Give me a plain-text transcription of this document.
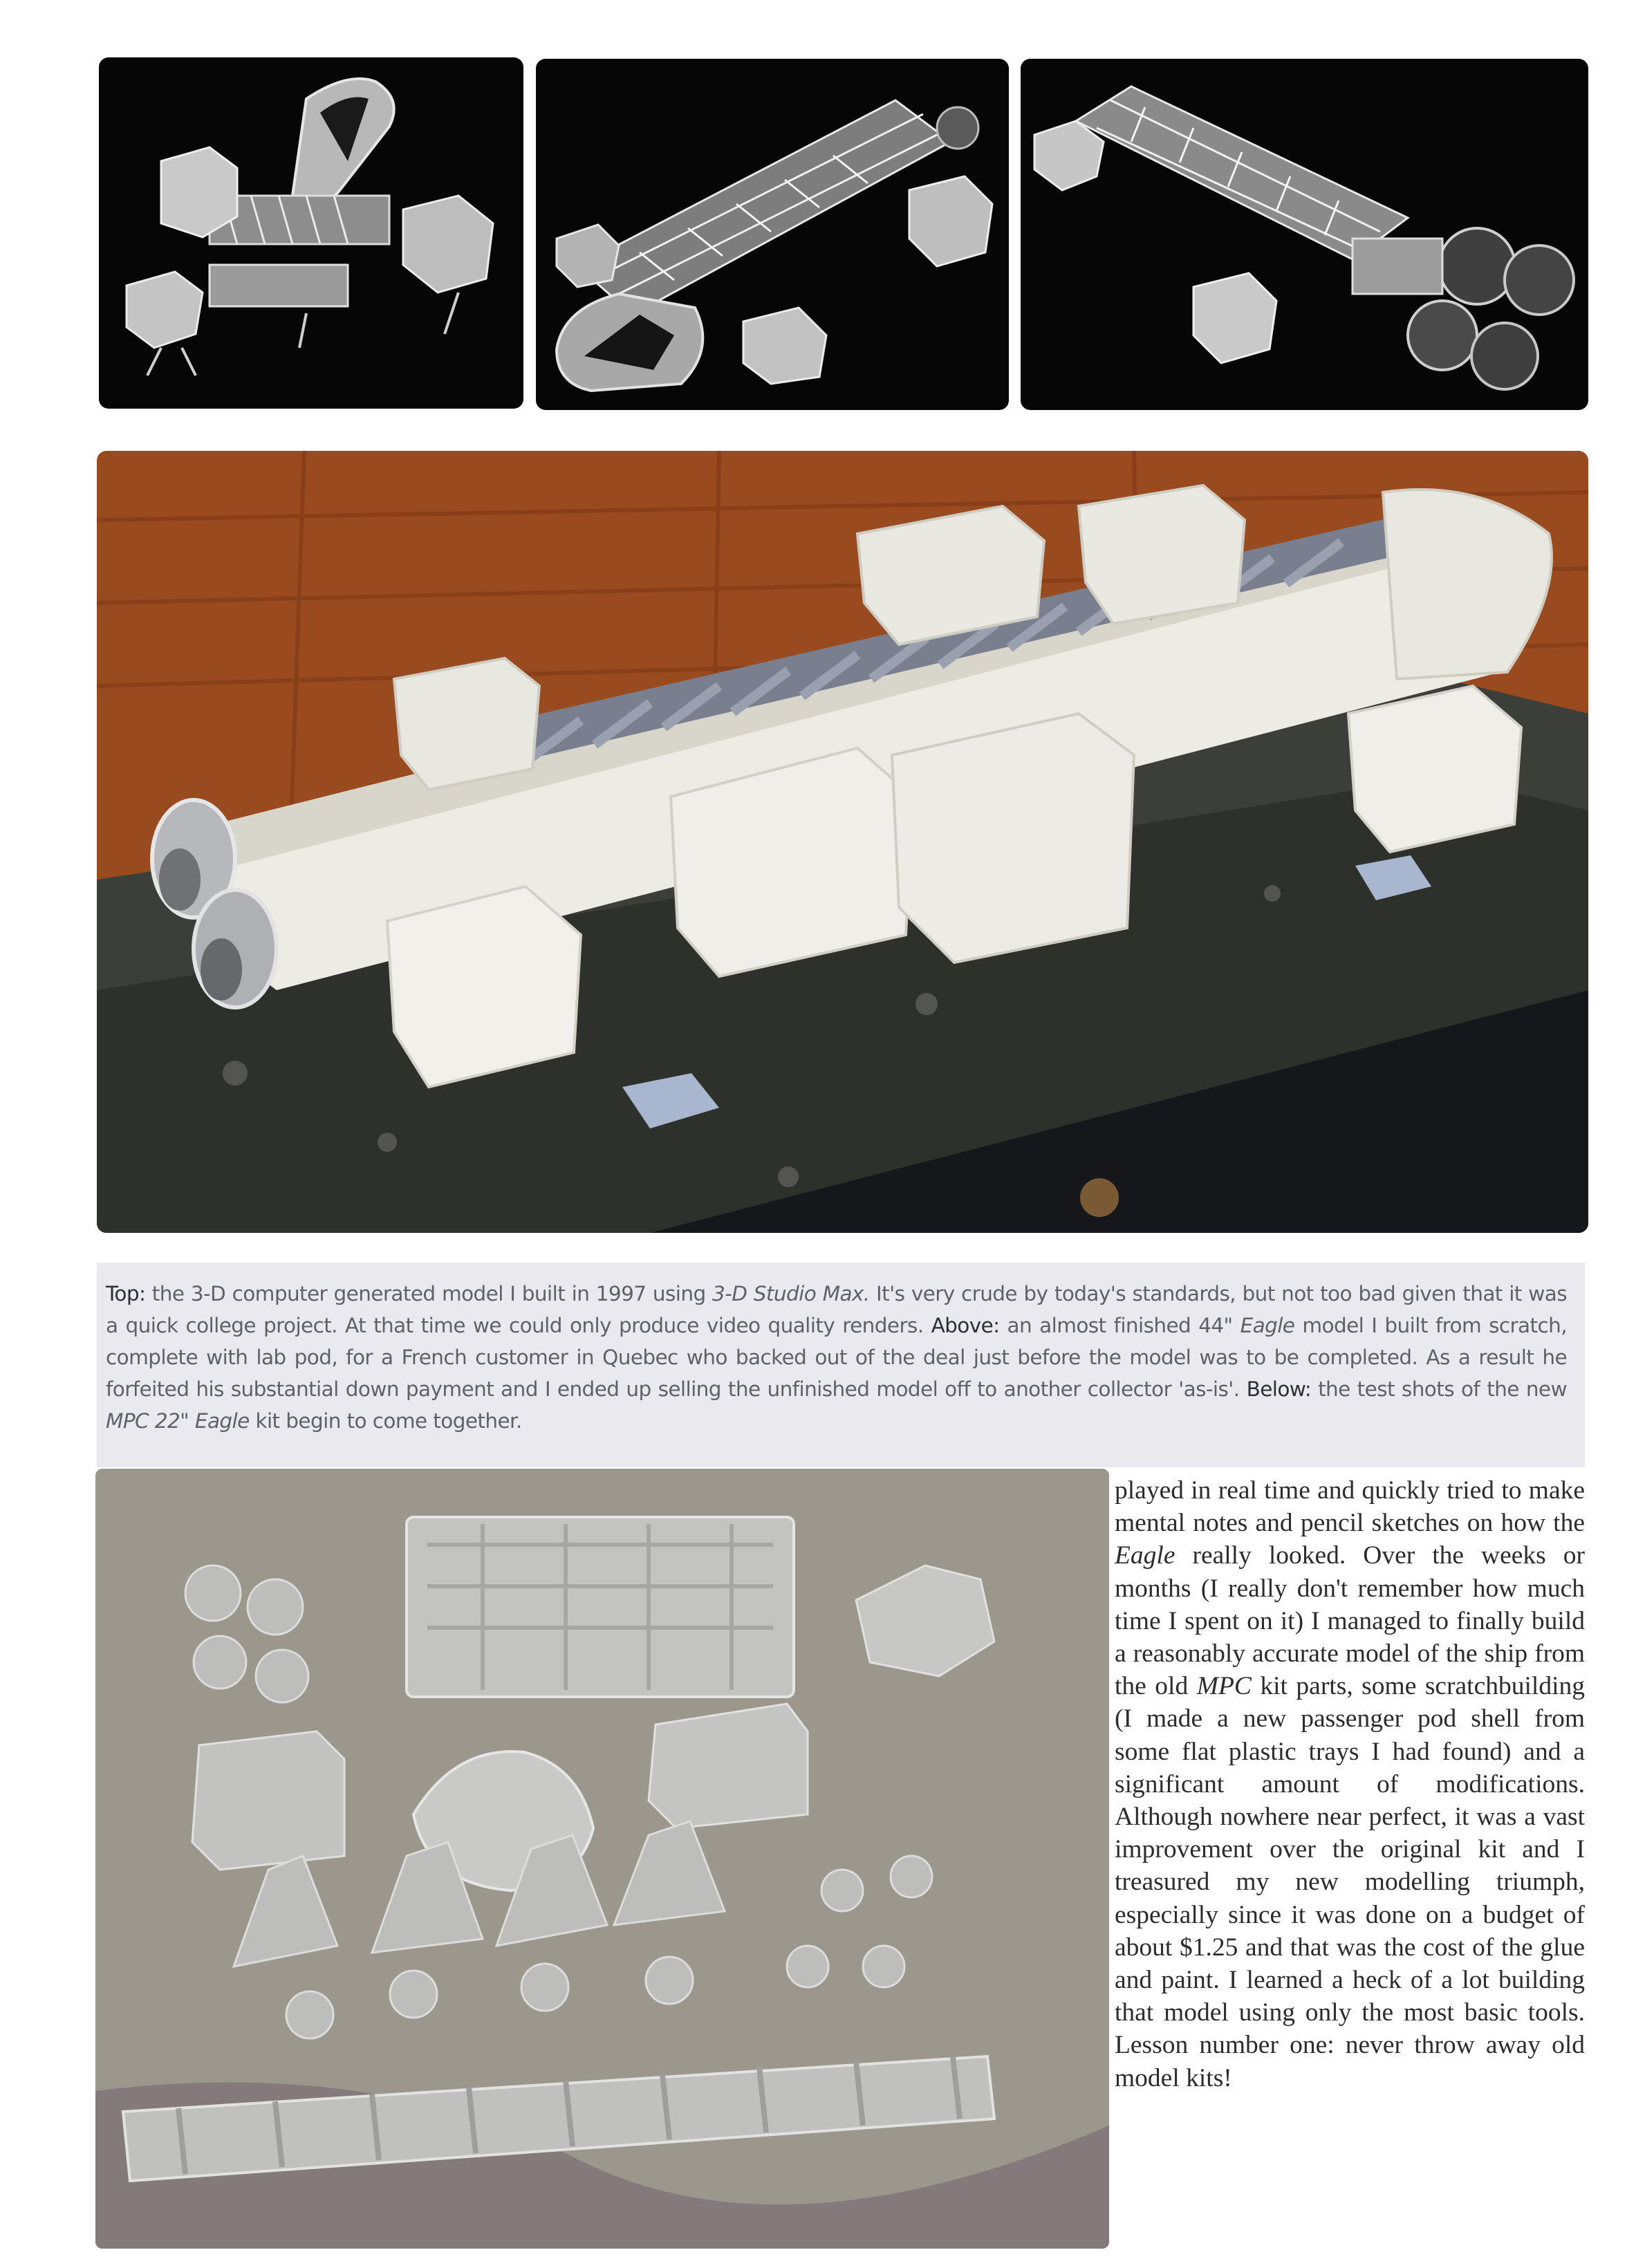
Top: the 3-D computer generated model I built in 1997 using 3-D Studio Max. It's very crude by today's standards, but not too bad given that it was a quick college project. At that time we could only produce video quality renders. Above: an almost finished 44" Eagle model I built from scratch, complete with lab pod, for a French customer in Quebec who backed out of the deal just before the model was to be completed. As a result he forfeited his substantial down payment and I ended up selling the unfinished model off to another collector 'as-is'. Below: the test shots of the new MPC 22" Eagle kit begin to come together.

played in real time and quickly tried to make mental notes and pencil sketches on how the Eagle really looked. Over the weeks or months (I really don't remember how much time I spent on it) I managed to finally build a reasonably accurate model of the ship from the old MPC kit parts, some scratchbuilding (I made a new passenger pod shell from some flat plastic trays I had found) and a significant amount of modifications. Although nowhere near perfect, it was a vast improvement over the original kit and I treasured my new modelling triumph, especially since it was done on a budget of about $1.25 and that was the cost of the glue and paint. I learned a heck of a lot building that model using only the most basic tools. Lesson number one: never throw away old model kits!
